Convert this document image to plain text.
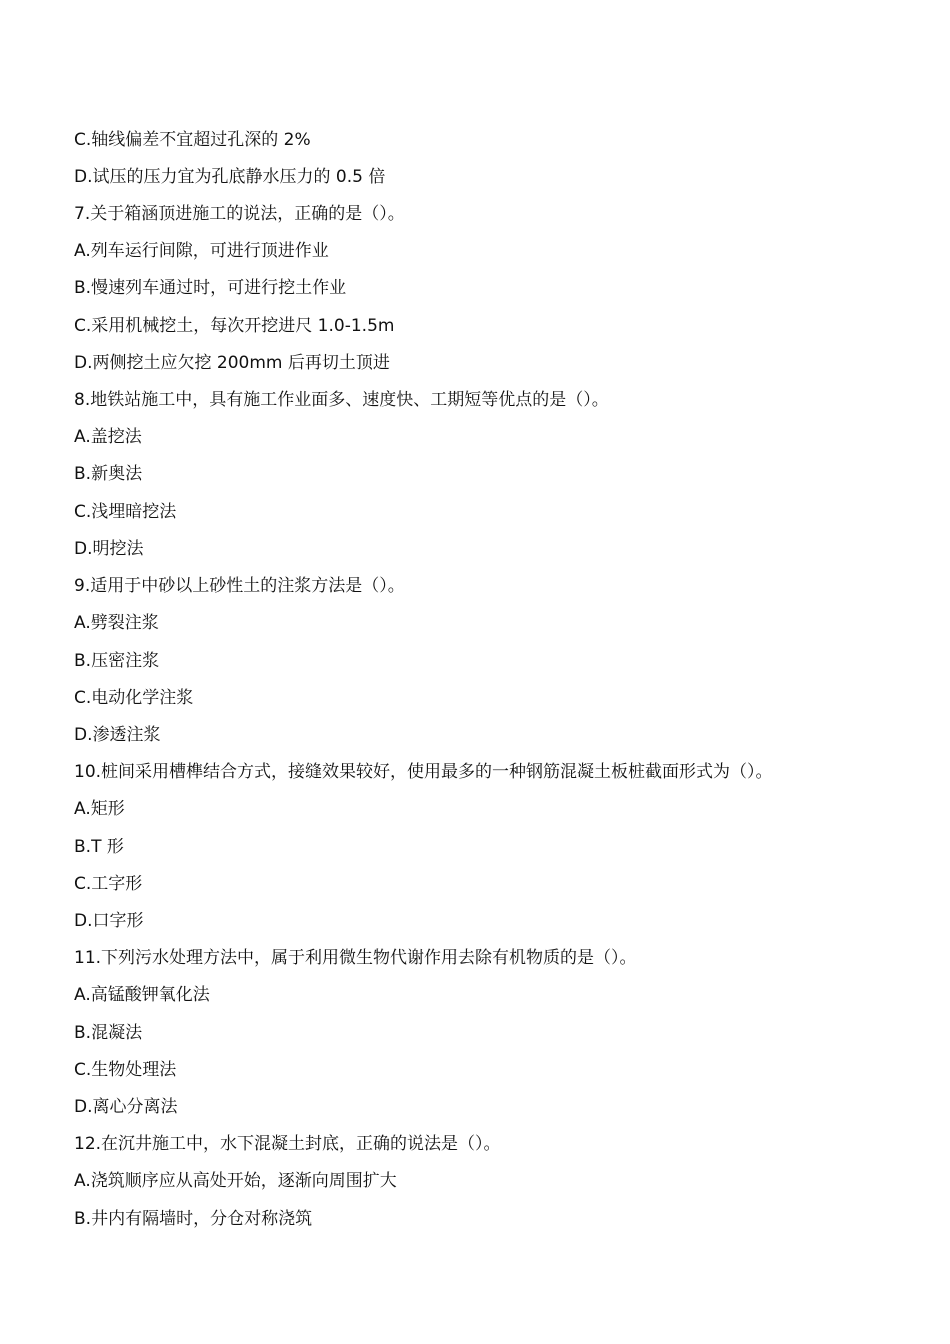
C.轴线偏差不宜超过孔深的 2%
D.试压的压力宜为孔底静水压力的 0.5 倍
7.关于箱涵顶进施工的说法，正确的是（）。
A.列车运行间隙，可进行顶进作业
B.慢速列车通过时，可进行挖土作业
C.采用机械挖土，每次开挖进尺 1.0-1.5m
D.两侧挖土应欠挖 200mm 后再切土顶进
8.地铁站施工中，具有施工作业面多、速度快、工期短等优点的是（）。
A.盖挖法
B.新奥法
C.浅埋暗挖法
D.明挖法
9.适用于中砂以上砂性土的注浆方法是（）。
A.劈裂注浆
B.压密注浆
C.电动化学注浆
D.渗透注浆
10.桩间采用槽榫结合方式，接缝效果较好，使用最多的一种钢筋混凝土板桩截面形式为（）。
A.矩形
B.T 形
C.工字形
D.口字形
11.下列污水处理方法中，属于利用微生物代谢作用去除有机物质的是（）。
A.高锰酸钾氧化法
B.混凝法
C.生物处理法
D.离心分离法
12.在沉井施工中，水下混凝土封底，正确的说法是（）。
A.浇筑顺序应从高处开始，逐渐向周围扩大
B.井内有隔墙时，分仓对称浇筑
